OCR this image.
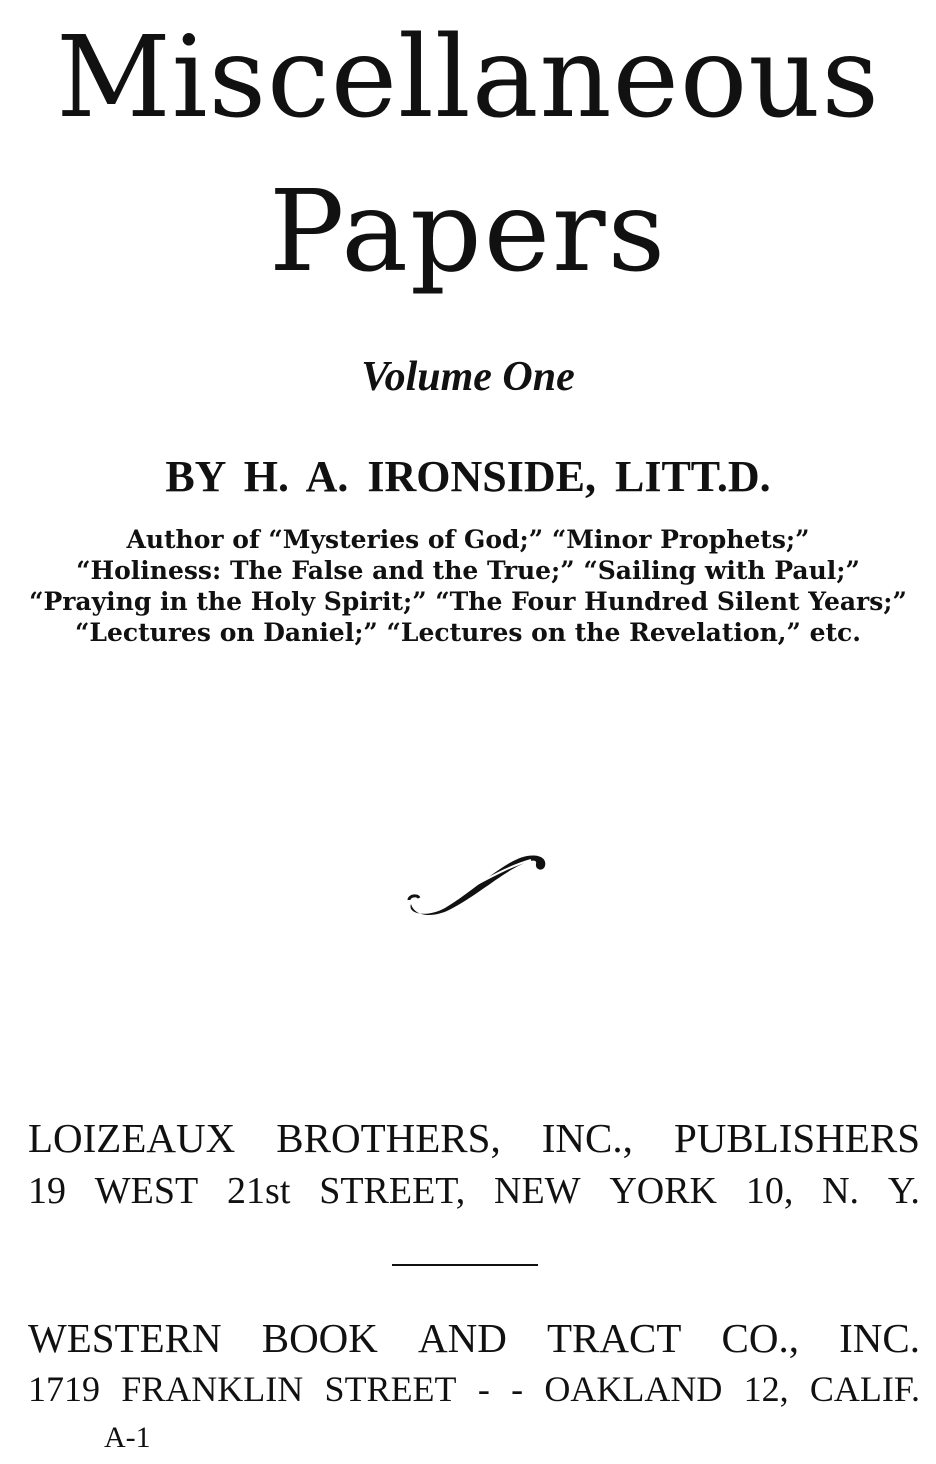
Miscellaneous
Papers
Volume One
BY H. A. IRONSIDE, LITT.D.
Author of “Mysteries of God;” “Minor Prophets;”
“Holiness: The False and the True;” “Sailing with Paul;”
“Praying in the Holy Spirit;” “The Four Hundred Silent Years;”
“Lectures on Daniel;” “Lectures on the Revelation,” etc.
LOIZEAUX BROTHERS, INC., PUBLISHERS
19 WEST 21st STREET, NEW YORK 10, N. Y.
WESTERN BOOK AND TRACT CO., INC.
1719 FRANKLIN STREET - - OAKLAND 12, CALIF.
A-1
